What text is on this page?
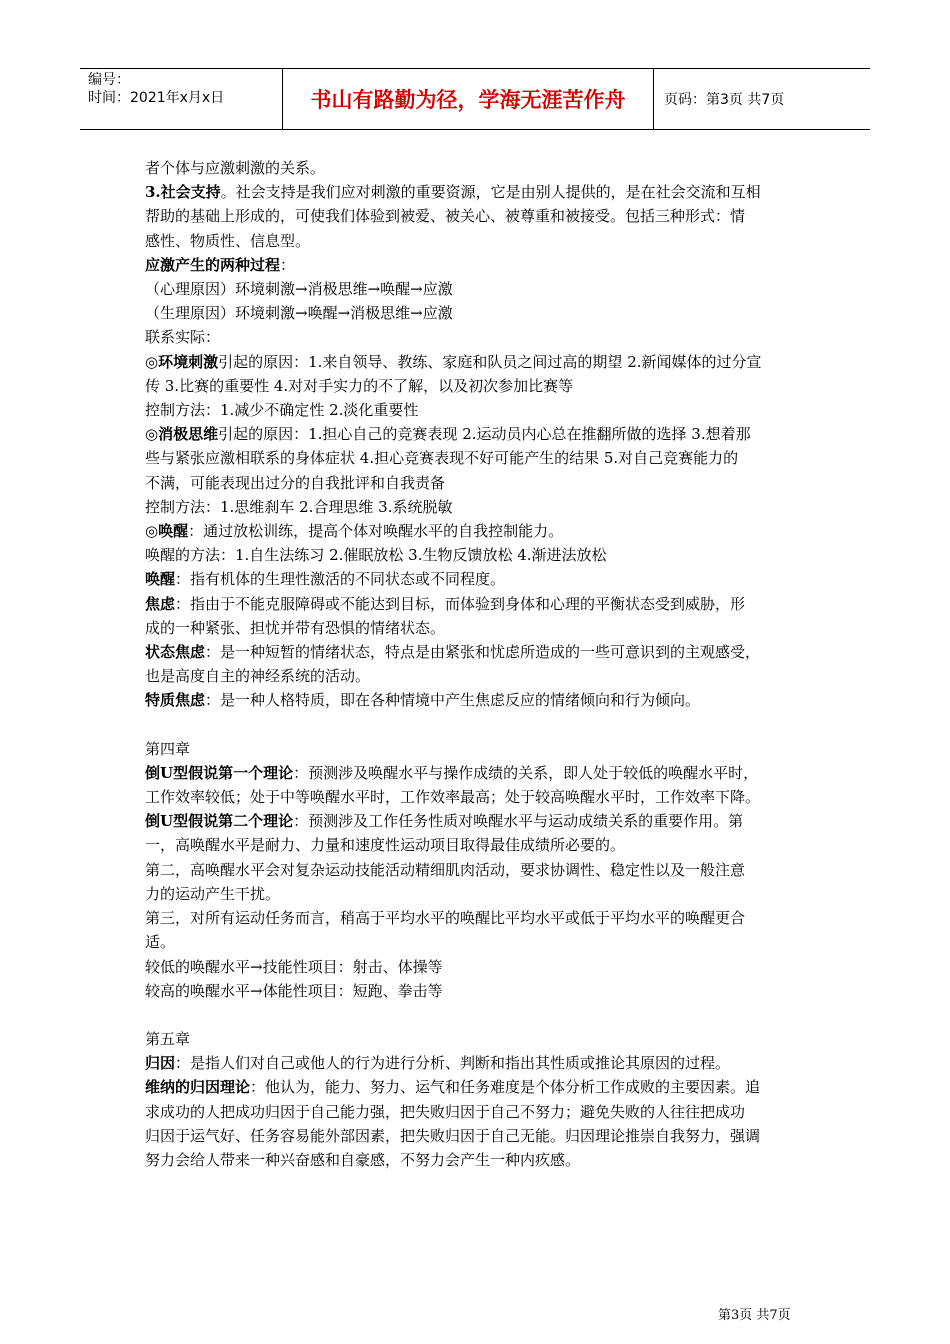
编号：
时间：2021年x月x日	书山有路勤为径，学海无涯苦作舟	页码：第3页 共7页

者个体与应激刺激的关系。

3.社会支持。社会支持是我们应对刺激的重要资源，它是由别人提供的，是在社会交流和互相

帮助的基础上形成的，可使我们体验到被爱、被关心、被尊重和被接受。包括三种形式：情

感性、物质性、信息型。

应激产生的两种过程：

（心理原因）环境刺激→消极思维→唤醒→应激

（生理原因）环境刺激→唤醒→消极思维→应激

联系实际：

◎环境刺激引起的原因：1.来自领导、教练、家庭和队员之间过高的期望 2.新闻媒体的过分宣

传 3.比赛的重要性 4.对对手实力的不了解，以及初次参加比赛等

控制方法：1.减少不确定性 2.淡化重要性

◎消极思维引起的原因：1.担心自己的竞赛表现 2.运动员内心总在推翻所做的选择 3.想着那

些与紧张应激相联系的身体症状 4.担心竞赛表现不好可能产生的结果 5.对自己竞赛能力的

不满，可能表现出过分的自我批评和自我责备

控制方法：1.思维刹车 2.合理思维 3.系统脱敏

◎唤醒：通过放松训练，提高个体对唤醒水平的自我控制能力。

唤醒的方法：1.自生法练习 2.催眠放松 3.生物反馈放松 4.渐进法放松

唤醒：指有机体的生理性激活的不同状态或不同程度。

焦虑：指由于不能克服障碍或不能达到目标，而体验到身体和心理的平衡状态受到威胁，形

成的一种紧张、担忧并带有恐惧的情绪状态。

状态焦虑：是一种短暂的情绪状态，特点是由紧张和忧虑所造成的一些可意识到的主观感受，

也是高度自主的神经系统的活动。

特质焦虑：是一种人格特质，即在各种情境中产生焦虑反应的情绪倾向和行为倾向。

第四章

倒U型假说第一个理论：预测涉及唤醒水平与操作成绩的关系，即人处于较低的唤醒水平时，

工作效率较低；处于中等唤醒水平时，工作效率最高；处于较高唤醒水平时，工作效率下降。

倒U型假说第二个理论：预测涉及工作任务性质对唤醒水平与运动成绩关系的重要作用。第

一，高唤醒水平是耐力、力量和速度性运动项目取得最佳成绩所必要的。

第二，高唤醒水平会对复杂运动技能活动精细肌肉活动，要求协调性、稳定性以及一般注意

力的运动产生干扰。

第三，对所有运动任务而言，稍高于平均水平的唤醒比平均水平或低于平均水平的唤醒更合

适。

较低的唤醒水平→技能性项目：射击、体操等

较高的唤醒水平→体能性项目：短跑、拳击等

第五章

归因：是指人们对自己或他人的行为进行分析、判断和指出其性质或推论其原因的过程。

维纳的归因理论：他认为，能力、努力、运气和任务难度是个体分析工作成败的主要因素。追

求成功的人把成功归因于自己能力强，把失败归因于自己不努力；避免失败的人往往把成功

归因于运气好、任务容易能外部因素，把失败归因于自己无能。归因理论推崇自我努力，强调

努力会给人带来一种兴奋感和自豪感，不努力会产生一种内疚感。

第3页 共7页
